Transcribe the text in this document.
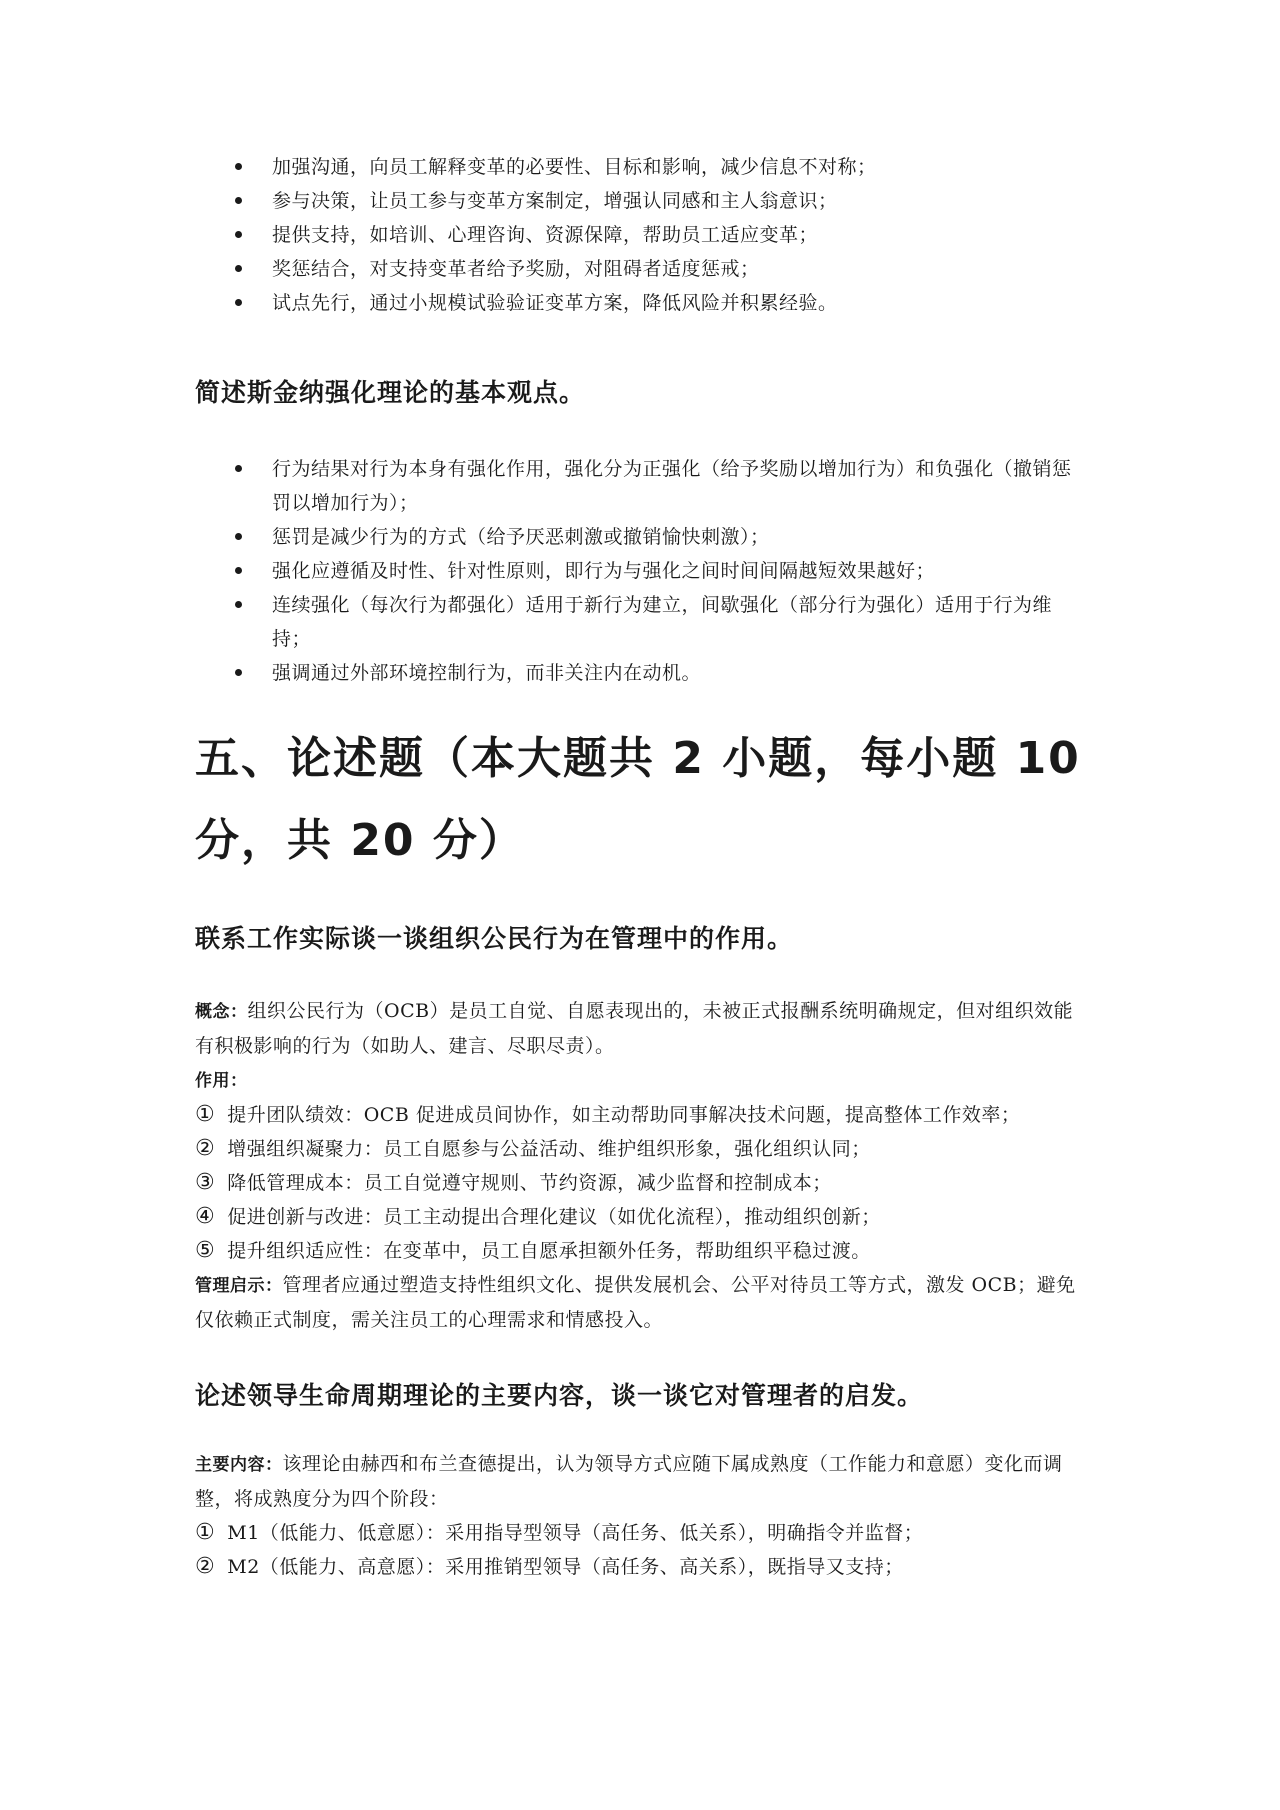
加强沟通，向员工解释变革的必要性、目标和影响，减少信息不对称；
参与决策，让员工参与变革方案制定，增强认同感和主人翁意识；
提供支持，如培训、心理咨询、资源保障，帮助员工适应变革；
奖惩结合，对支持变革者给予奖励，对阻碍者适度惩戒；
试点先行，通过小规模试验验证变革方案，降低风险并积累经验。
简述斯金纳强化理论的基本观点。
行为结果对行为本身有强化作用，强化分为正强化（给予奖励以增加行为）和负强化（撤销惩罚以增加行为）；
惩罚是减少行为的方式（给予厌恶刺激或撤销愉快刺激）；
强化应遵循及时性、针对性原则，即行为与强化之间时间间隔越短效果越好；
连续强化（每次行为都强化）适用于新行为建立，间歇强化（部分行为强化）适用于行为维持；
强调通过外部环境控制行为，而非关注内在动机。
五、论述题（本大题共 2 小题，每小题 10 分，共 20 分）
联系工作实际谈一谈组织公民行为在管理中的作用。

概念：组织公民行为（OCB）是员工自觉、自愿表现出的，未被正式报酬系统明确规定，但对组织效能有积极影响的行为（如助人、建言、尽职尽责）。

作用：

① 提升团队绩效：OCB 促进成员间协作，如主动帮助同事解决技术问题，提高整体工作效率；

② 增强组织凝聚力：员工自愿参与公益活动、维护组织形象，强化组织认同；

③ 降低管理成本：员工自觉遵守规则、节约资源，减少监督和控制成本；

④ 促进创新与改进：员工主动提出合理化建议（如优化流程），推动组织创新；

⑤ 提升组织适应性：在变革中，员工自愿承担额外任务，帮助组织平稳过渡。

管理启示：管理者应通过塑造支持性组织文化、提供发展机会、公平对待员工等方式，激发 OCB；避免仅依赖正式制度，需关注员工的心理需求和情感投入。

论述领导生命周期理论的主要内容，谈一谈它对管理者的启发。

主要内容：该理论由赫西和布兰查德提出，认为领导方式应随下属成熟度（工作能力和意愿）变化而调整，将成熟度分为四个阶段：

① M1（低能力、低意愿）：采用指导型领导（高任务、低关系），明确指令并监督；

② M2（低能力、高意愿）：采用推销型领导（高任务、高关系），既指导又支持；
